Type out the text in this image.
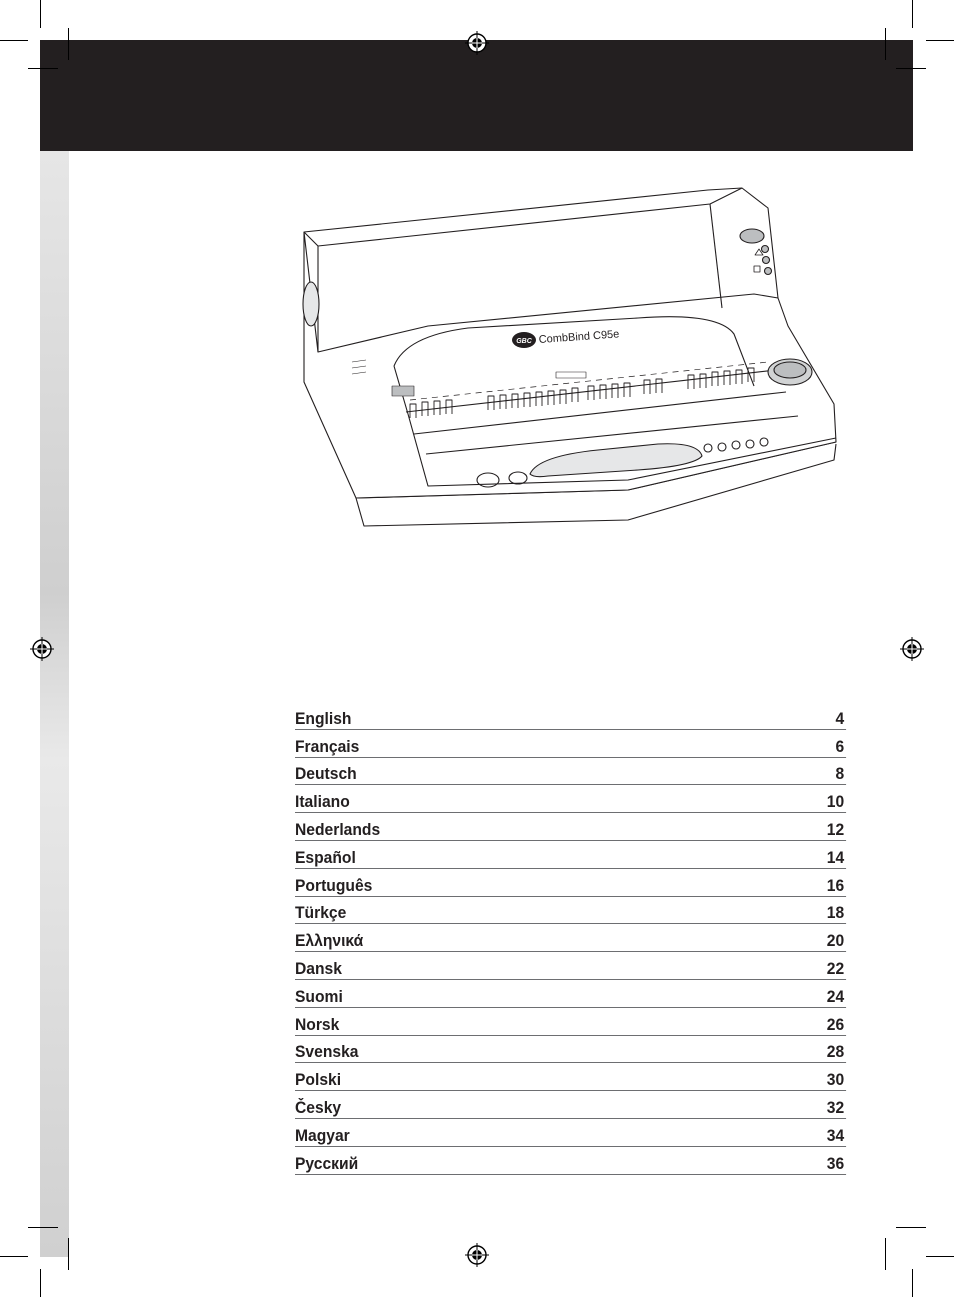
GBC CombBind C95e
English	4
Français	6
Deutsch	8
Italiano	10
Nederlands	12
Español	14
Português	16
Türkçe	18
Ελληνικά	20
Dansk	22
Suomi	24
Norsk	26
Svenska	28
Polski	30
Česky	32
Magyar	34
Русский	36
